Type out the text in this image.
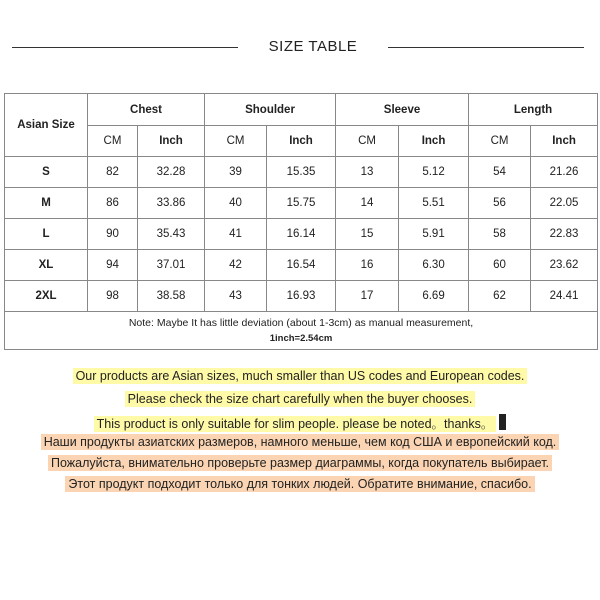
SIZE TABLE
Asian Size	Chest		Shoulder		Sleeve		Length	
	CM	Inch	CM	Inch	CM	Inch	CM	Inch
S	82	32.28	39	15.35	13	5.12	54	21.26
M	86	33.86	40	15.75	14	5.51	56	22.05
L	90	35.43	41	16.14	15	5.91	58	22.83
XL	94	37.01	42	16.54	16	6.30	60	23.62
2XL	98	38.58	43	16.93	17	6.69	62	24.41

Note: Maybe It has little deviation (about 1-3cm) as manual measurement,
1inch=2.54cm								
Our products are Asian sizes, much smaller than US codes and European codes.
Please check the size chart carefully when the buyer chooses.
This product is only suitable for slim people. please be noted。thanks。
Наши продукты азиатских размеров, намного меньше, чем код США и европейский код.
Пожалуйста, внимательно проверьте размер диаграммы, когда покупатель выбирает.
Этот продукт подходит только для тонких людей. Обратите внимание, спасибо.
